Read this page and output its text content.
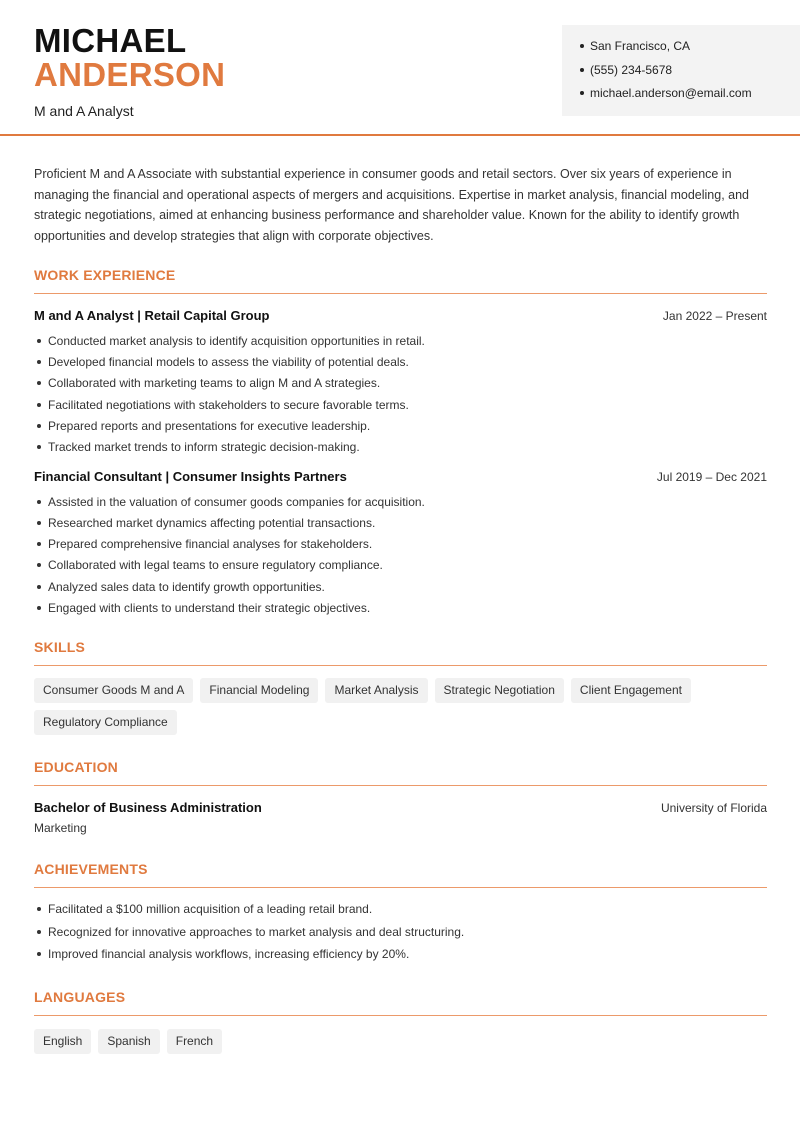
MICHAEL
ANDERSON
M and A Analyst
San Francisco, CA
(555) 234-5678
michael.anderson@email.com

Proficient M and A Associate with substantial experience in consumer goods and retail sectors. Over six years of experience in managing the financial and operational aspects of mergers and acquisitions. Expertise in market analysis, financial modeling, and strategic negotiations, aimed at enhancing business performance and shareholder value. Known for the ability to identify growth opportunities and develop strategies that align with corporate objectives.

WORK EXPERIENCE
M and A Analyst | Retail Capital Group	Jan 2022 – Present
Conducted market analysis to identify acquisition opportunities in retail.
Developed financial models to assess the viability of potential deals.
Collaborated with marketing teams to align M and A strategies.
Facilitated negotiations with stakeholders to secure favorable terms.
Prepared reports and presentations for executive leadership.
Tracked market trends to inform strategic decision-making.
Financial Consultant | Consumer Insights Partners	Jul 2019 – Dec 2021
Assisted in the valuation of consumer goods companies for acquisition.
Researched market dynamics affecting potential transactions.
Prepared comprehensive financial analyses for stakeholders.
Collaborated with legal teams to ensure regulatory compliance.
Analyzed sales data to identify growth opportunities.
Engaged with clients to understand their strategic objectives.
SKILLS
Consumer Goods M and A	Financial Modeling	Market Analysis	Strategic Negotiation	Client Engagement
Regulatory Compliance
EDUCATION
Bachelor of Business Administration	University of Florida
Marketing
ACHIEVEMENTS
Facilitated a $100 million acquisition of a leading retail brand.
Recognized for innovative approaches to market analysis and deal structuring.
Improved financial analysis workflows, increasing efficiency by 20%.
LANGUAGES
English	Spanish	French
